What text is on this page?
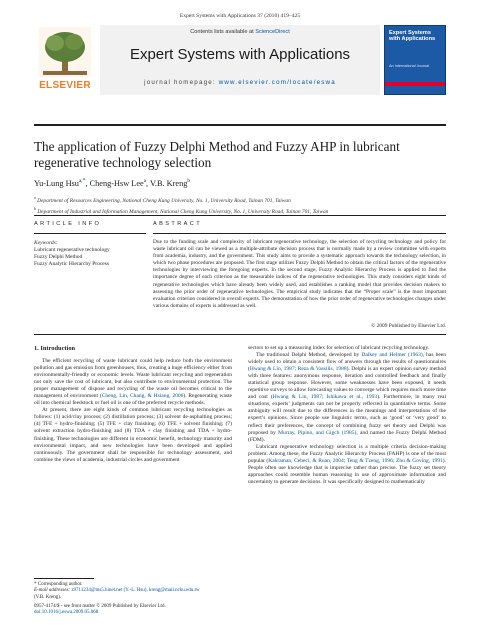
Expert Systems with Applications 37 (2010) 419–425
ELSEVIER
Contents lists available at ScienceDirect
Expert Systems with Applications
journal homepage: www.elsevier.com/locate/eswa
Expert Systems with Applications
An International Journal
The application of Fuzzy Delphi Method and Fuzzy AHP in lubricant regenerative technology selection
Yu-Lung Hsu$^{a,*}$, Cheng-Hsw Lee$^a$, V.B. Kreng$^b$
$^a$ Department of Resources Engineering, National Cheng Kung University, No. 1, University Road, Tainan 701, Taiwan
$^b$ Department of Industrial and Information Management, National Cheng Kung University, No. 1, University Road, Tainan 701, Taiwan
ARTICLE INFO	ABSTRACT
Keywords:
Lubricant regenerative technology
Fuzzy Delphi Method
Fuzzy Analytic Hierarchy Process
Due to the funding scale and complexity of lubricant regenerative technology, the selection of recycling technology and policy for waste lubricant oil can be viewed as a multiple-attribute decision process that is normally made by a review committee with experts from academia, industry, and the government. This study aims to provide a systematic approach towards the technology selection, in which two phase procedures are proposed. The first stage utilizes Fuzzy Delphi Method to obtain the critical factors of the regenerative technologies by interviewing the foregoing experts. In the second stage, Fuzzy Analytic Hierarchy Process is applied to find the importance degree of each criterion as the measurable indices of the regenerative technologies. This study considers eight kinds of regenerative technologies which have already been widely used, and establishes a ranking model that provides decision makers to assessing the prior order of regenerative technologies. The empirical study indicates that the “Proper scale” is the most important evaluation criterion considered in overall experts. The demonstration of how the prior order of regenerative technologies changes under various domains of experts is addressed as well.
© 2009 Published by Elsevier Ltd.
1. Introduction

The efficient recycling of waste lubricant could help reduce both the environment pollution and gas emission from greenhouses, thus, creating a huge efficiency either from environmentally-friendly or economic levels. Waste lubricant recycling and regeneration not only save the cost of lubricant, but also contribute to environmental protection. The proper management of dispose and recycling of the waste oil becomes critical to the management of environment (Cheng, Lin, Chang, & Hsiang, 2006). Regenerating waste oil into chemical feedstock or fuel oil is one of the preferred recycle methods.

At present, there are eight kinds of common lubricant recycling technologies as follows: (1) acid/clay process; (2) distillation process; (3) solvent de-asphalting process; (4) TFE + hydro-finishing; (5) TFE + clay finishing; (6) TFE + solvent finishing; (7) solvent extraction hydro-finishing and (8) TDA + clay finishing and TDA + hydro-finishing. These technologies are different in economic benefit, technology maturity and environmental impact, and new technologies have been developed and applied continuously. The government shall be responsible for technology assessment, and combine the views of academia, industrial circles and government

sectors to set up a measuring index for selection of lubricant recycling technology.

The traditional Delphi Method, developed by Dalkey and Helmer (1963), has been widely used to obtain a consistent flow of answers through the results of questionnaires (Hwang & Lin, 1987; Reza & Vassilis, 1988). Delphi is an expert opinion survey method with three features: anonymous response, iteration and controlled feedback and finally statistical group response. However, some weaknesses have been exposed, it needs repetitive surveys to allow forecasting values to converge which requires much more time and cost (Hwang & Lin, 1987; Ishikawa et al., 1993). Furthermore, in many real situations, experts’ judgments can not be properly reflected in quantitative terms. Some ambiguity will result due to the differences in the meanings and interpretations of the expert’s opinions. Since people use linguistic terms, such as ‘good’ or ‘very good’ to reflect their preferences, the concept of combining fuzzy set theory and Delphi was proposed by Murray, Pipino, and Gigch (1985), and named the Fuzzy Delphi Method (FDM).

Lubricant regenerative technology selection is a multiple criteria decision-making problem. Among these, the Fuzzy Analytic Hierarchy Process (FAHP) is one of the most popular (Kahraman, Cebeci, & Ruan, 2004; Teng & Tzeng, 1996; Zhu & Goving, 1991). People often use knowledge that is imprecise rather than precise. The fuzzy set theory approaches could resemble human reasoning in use of approximate information and uncertainty to generate decisions. It was specifically designed to mathematically

* Corresponding author.
E-mail addresses: z9711234@ms5.hinet.net (Y.-L. Hsu), kreng@mail.ncku.edu.tw
(V.B. Kreng).
0957-4174/$ - see front matter © 2009 Published by Elsevier Ltd.
doi:10.1016/j.eswa.2009.05.068
